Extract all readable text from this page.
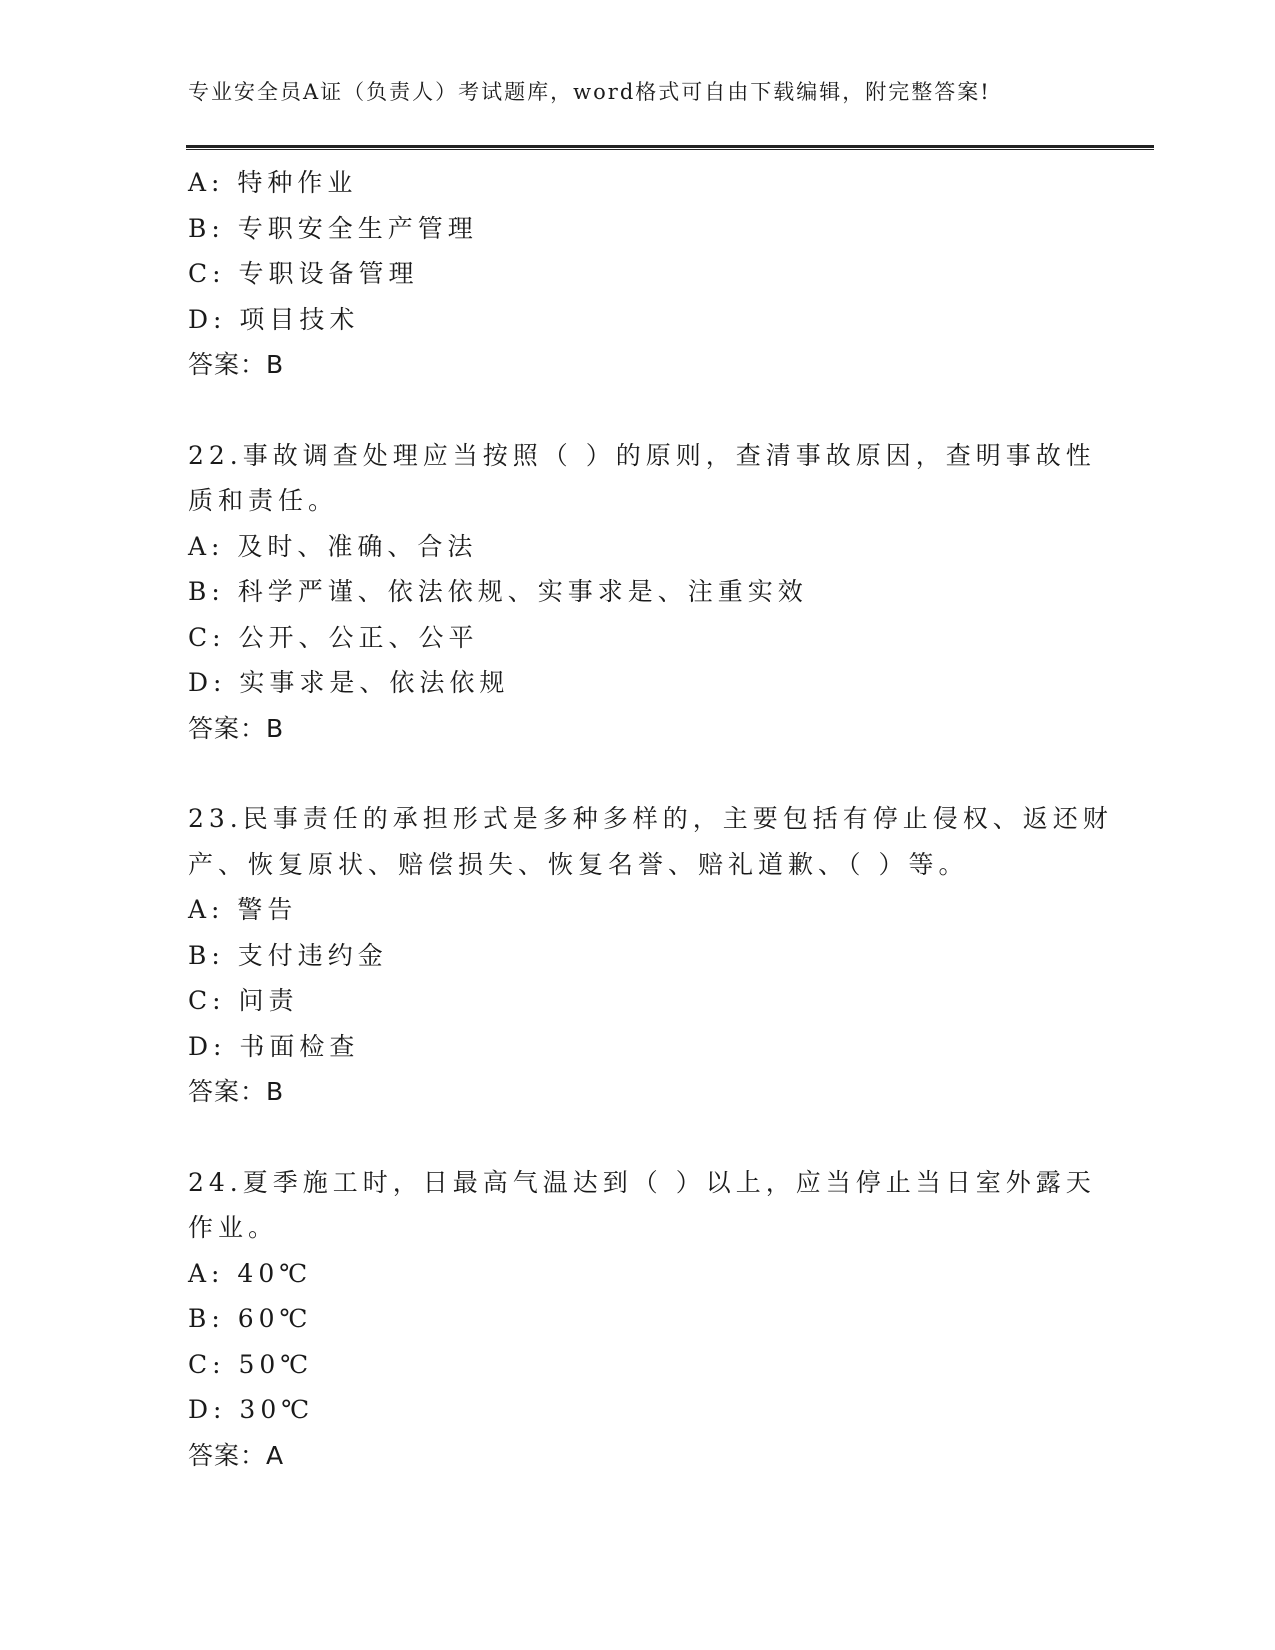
专业安全员A证（负责人）考试题库，word格式可自由下载编辑，附完整答案!
A: 特种作业
B: 专职安全生产管理
C: 专职设备管理
D: 项目技术
答案：B
22.事故调查处理应当按照（ ）的原则，查清事故原因，查明事故性
质和责任。
A: 及时、准确、合法
B: 科学严谨、依法依规、实事求是、注重实效
C: 公开、公正、公平
D: 实事求是、依法依规
答案：B
23.民事责任的承担形式是多种多样的，主要包括有停止侵权、返还财
产、恢复原状、赔偿损失、恢复名誉、赔礼道歉、（ ）等。
A: 警告
B: 支付违约金
C: 问责
D: 书面检查
答案：B
24.夏季施工时，日最高气温达到（ ）以上，应当停止当日室外露天
作业。
A: 40℃
B: 60℃
C: 50℃
D: 30℃
答案：A
